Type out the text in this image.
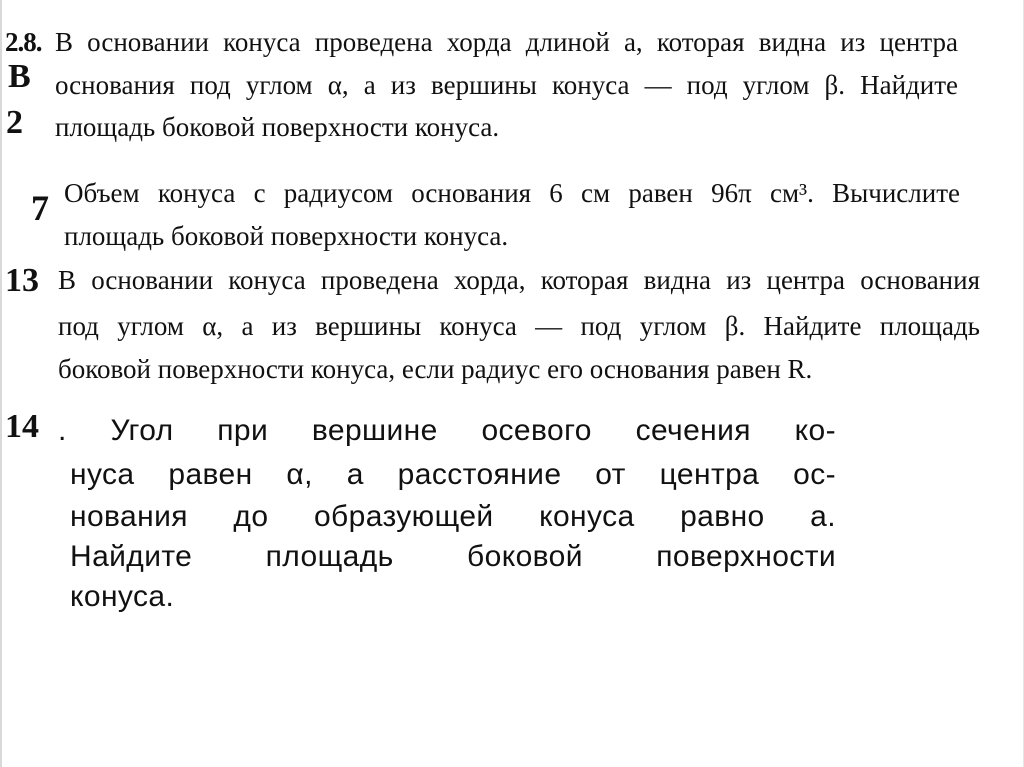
2.8. В основании конуса проведена хорда длиной a, которая видна из центра
основания под углом α, а из вершины конуса — под углом β. Найдите
площадь боковой поверхности конуса.
В
2
7 Объем конуса с радиусом основания 6 см равен 96π см³. Вычислите
площадь боковой поверхности конуса.
13 В основании конуса проведена хорда, которая видна из центра основания
под углом α, а из вершины конуса — под углом β. Найдите площадь
боковой поверхности конуса, если радиус его основания равен R.
14 . Угол при вершине осевого сечения ко-
нуса равен α, а расстояние от центра ос-
нования до образующей конуса равно a.
Найдите площадь боковой поверхности
конуса.
